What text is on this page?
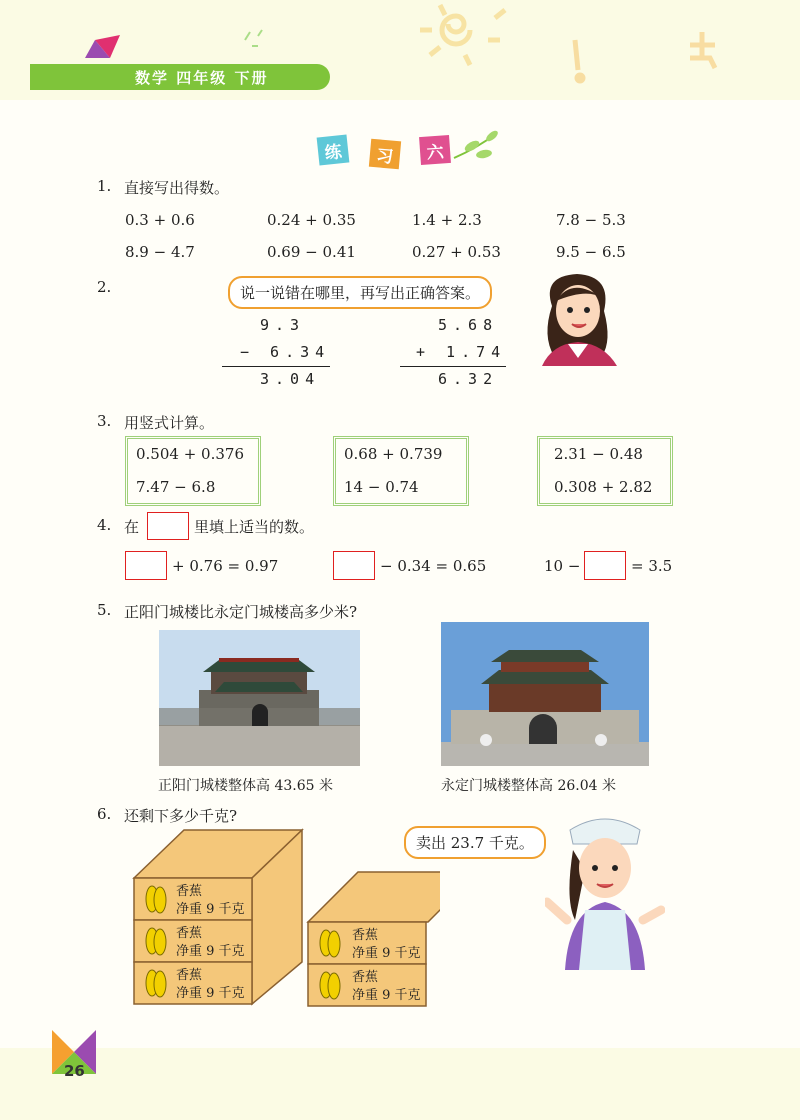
数学 四年级 下册
练	习	六
1. 直接写出得数。
0.3 + 0.6	0.24 + 0.35	1.4 + 2.3	7.8 − 5.3
8.9 − 4.7	0.69 − 0.41	0.27 + 0.53	9.5 − 6.5
2.	说一说错在哪里，再写出正确答案。
9.3
− 6.34
3.04
5.68
+ 1.74
6.32
3. 用竖式计算。
0.504 + 0.376
7.47 − 6.8
0.68 + 0.739
14 − 0.74
2.31 − 0.48
0.308 + 2.82
4. 在	里填上适当的数。
+ 0.76 = 0.97	− 0.34 = 0.65	10 −	= 3.5
5. 正阳门城楼比永定门城楼高多少米?
正阳门城楼整体高 43.65 米	永定门城楼整体高 26.04 米
6. 还剩下多少千克?
卖出 23.7 千克。
香蕉
净重 9 千克
香蕉
净重 9 千克
香蕉
净重 9 千克
香蕉
净重 9 千克
香蕉
净重 9 千克
26
